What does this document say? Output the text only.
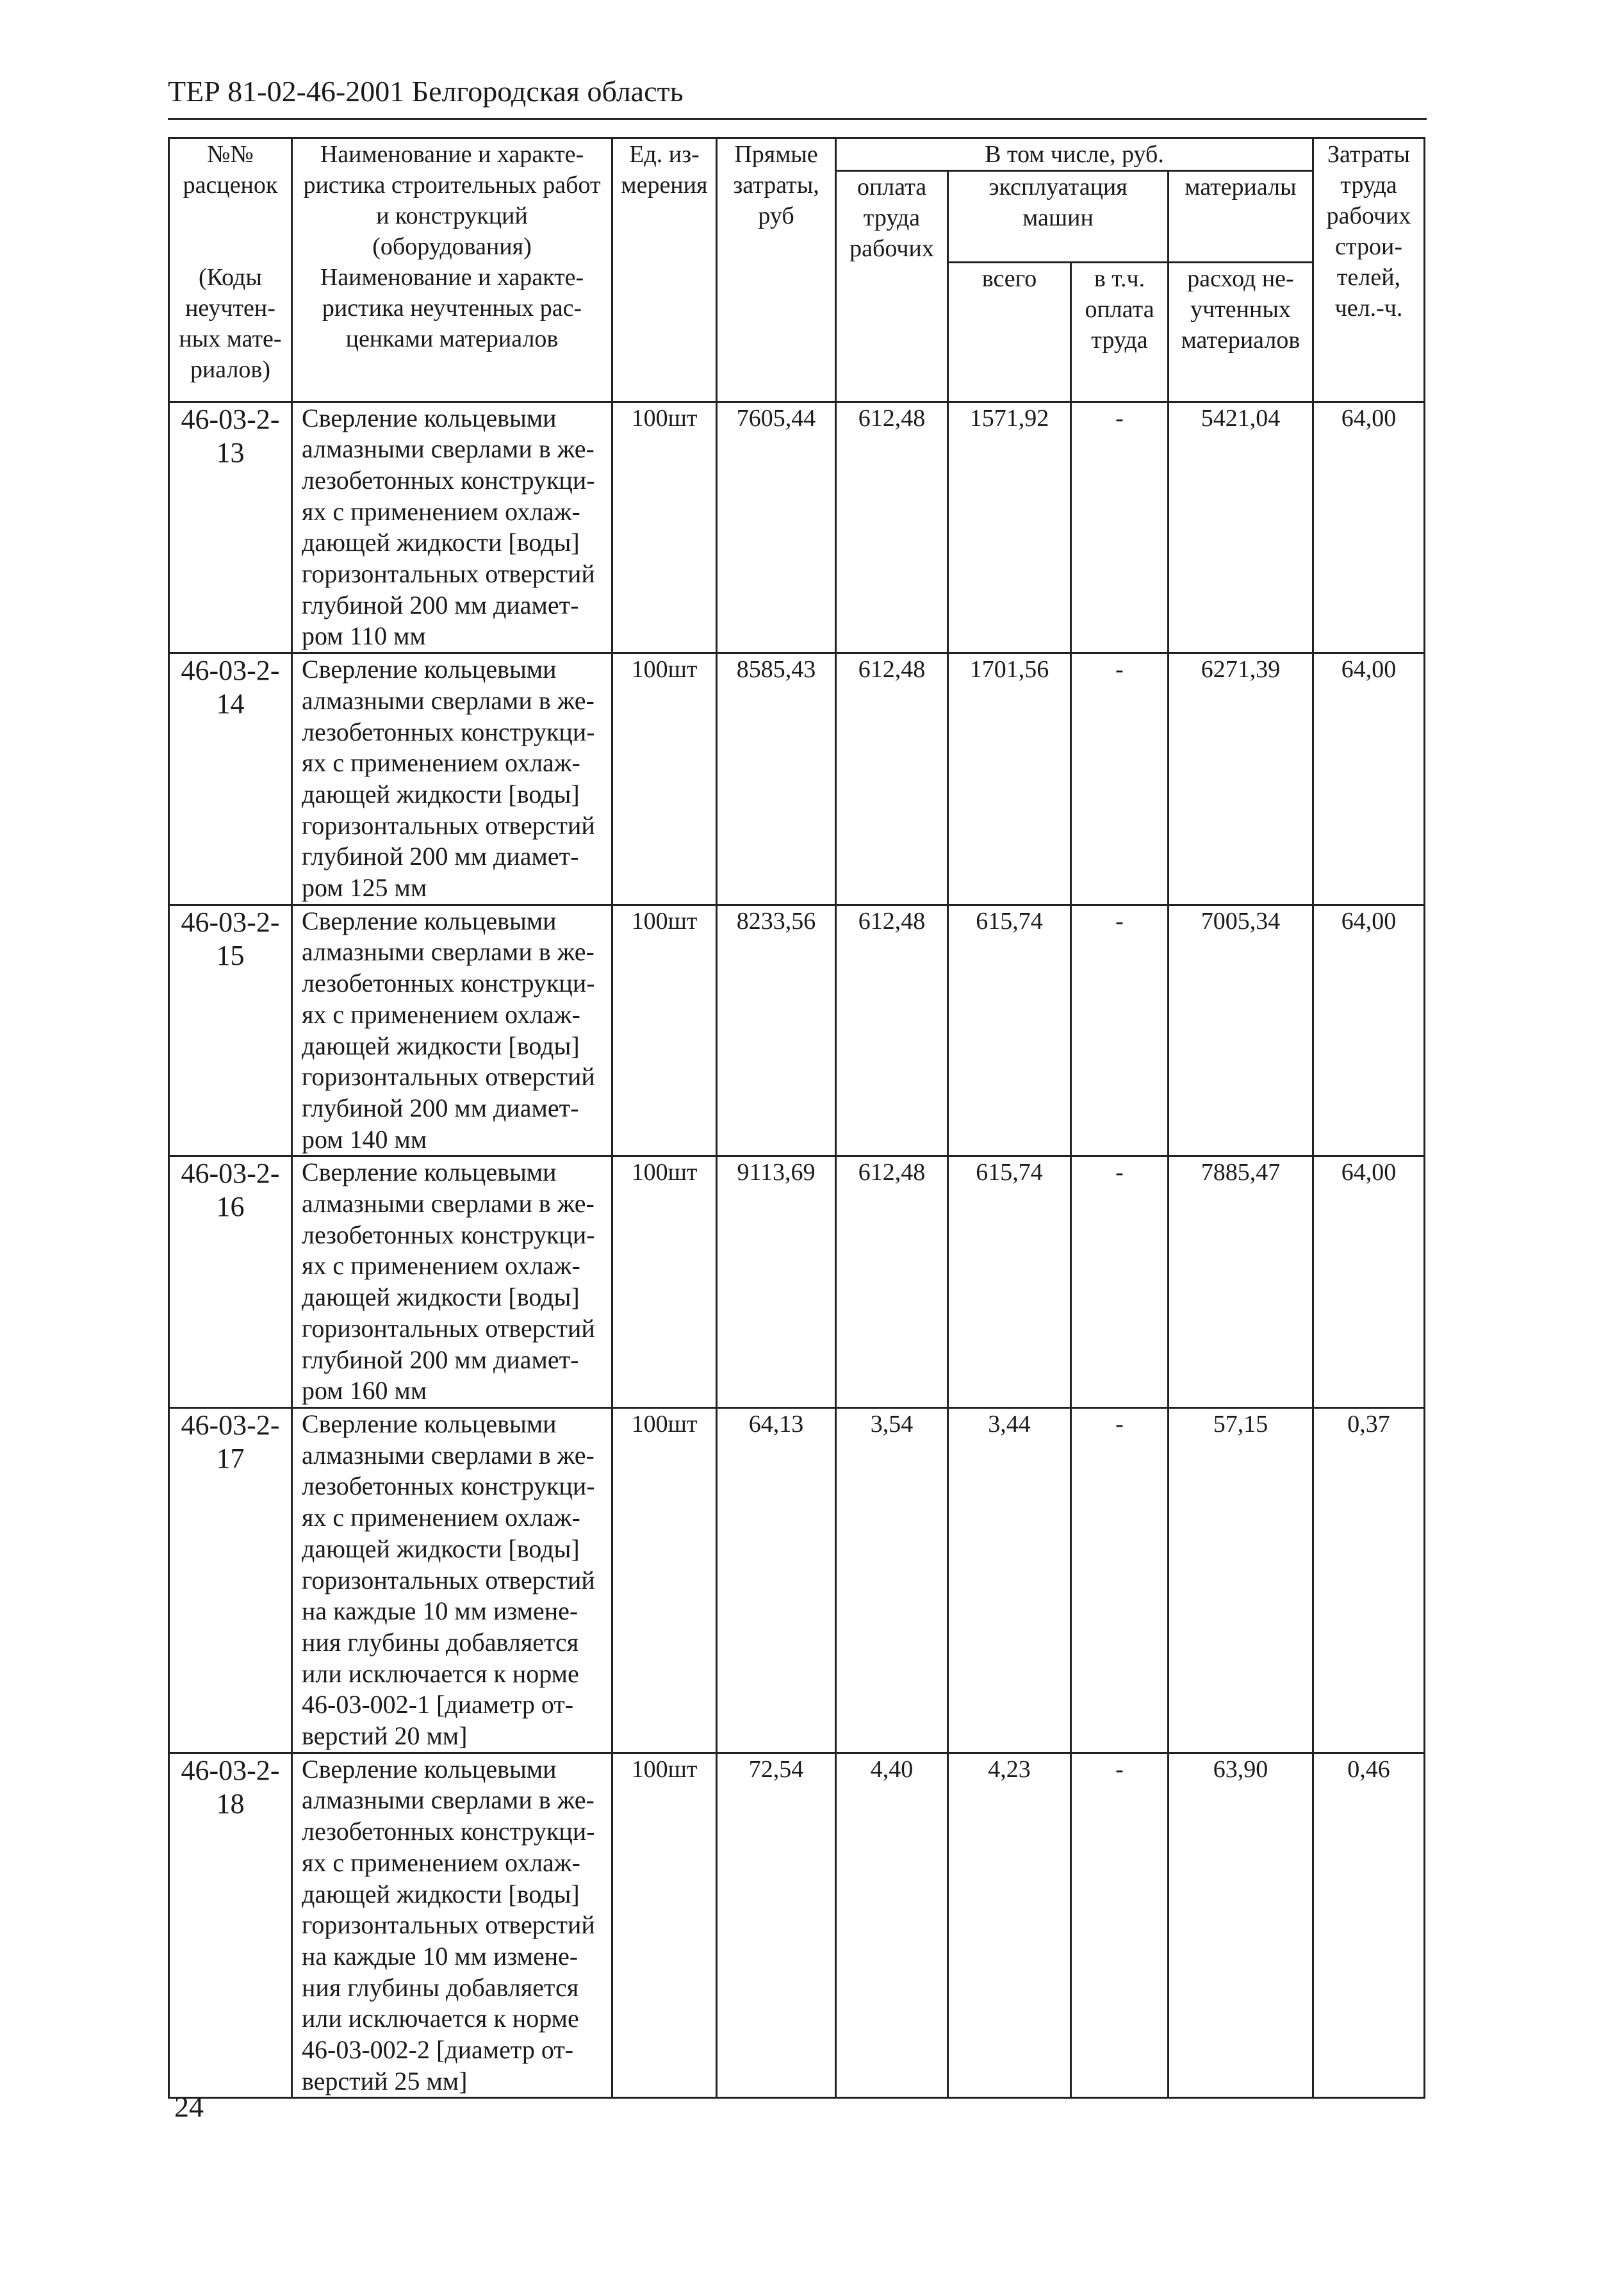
ТЕР 81-02-46-2001 Белгородская область
№№ расценок	Наименование и характеристика строительных работ и конструкций (оборудования)	Ед. измерения	Прямые затраты, руб	В том числе, руб.				Затраты труда рабочих строителей, чел.-ч.
				оплата труда рабочих	эксплуатация машин		материалы	

(Коды неучтенных материалов)	Наименование и характеристика неучтенных расценками материалов				всего	в т.ч. оплата труда	расход неучтенных материалов	

46-03-2-
13	Сверление кольцевыми алмазными сверлами в железобетонных конструкциях с применением охлаждающей жидкости [воды] горизонтальных отверстий глубиной 200 мм диаметром 110 мм	100шт	7605,44	612,48	1571,92	-	5421,04	64,00
46-03-2-
14	Сверление кольцевыми алмазными сверлами в железобетонных конструкциях с применением охлаждающей жидкости [воды] горизонтальных отверстий глубиной 200 мм диаметром 125 мм	100шт	8585,43	612,48	1701,56	-	6271,39	64,00
46-03-2-
15	Сверление кольцевыми алмазными сверлами в железобетонных конструкциях с применением охлаждающей жидкости [воды] горизонтальных отверстий глубиной 200 мм диаметром 140 мм	100шт	8233,56	612,48	615,74	-	7005,34	64,00
46-03-2-
16	Сверление кольцевыми алмазными сверлами в железобетонных конструкциях с применением охлаждающей жидкости [воды] горизонтальных отверстий глубиной 200 мм диаметром 160 мм	100шт	9113,69	612,48	615,74	-	7885,47	64,00
46-03-2-
17	Сверление кольцевыми алмазными сверлами в железобетонных конструкциях с применением охлаждающей жидкости [воды] горизонтальных отверстий на каждые 10 мм изменения глубины добавляется или исключается к норме 46-03-002-1 [диаметр отверстий 20 мм]	100шт	64,13	3,54	3,44	-	57,15	0,37
46-03-2-
18	Сверление кольцевыми алмазными сверлами в железобетонных конструкциях с применением охлаждающей жидкости [воды] горизонтальных отверстий на каждые 10 мм изменения глубины добавляется или исключается к норме 46-03-002-2 [диаметр отверстий 25 мм]	100шт	72,54	4,40	4,23	-	63,90	0,46
24
